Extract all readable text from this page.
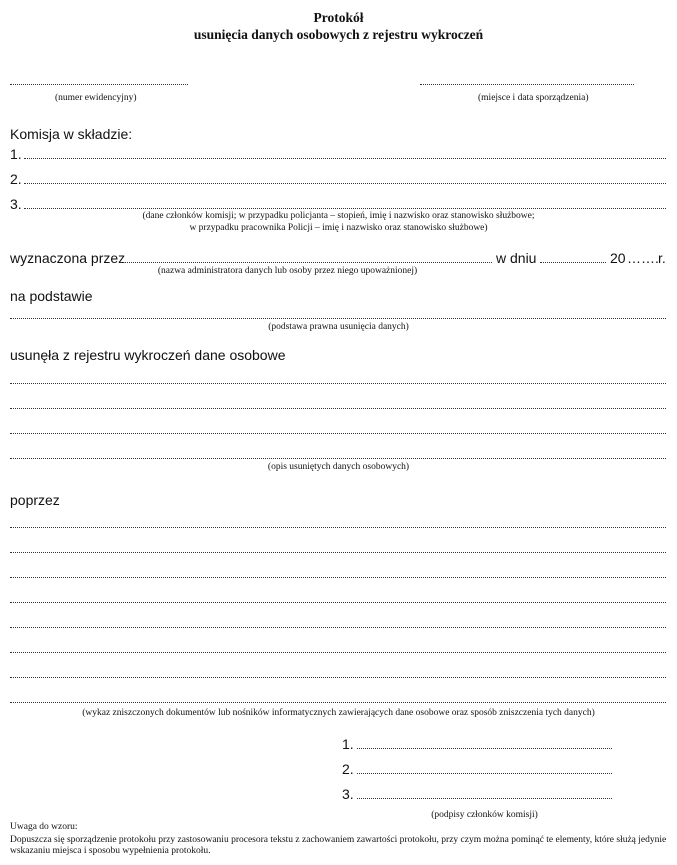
Protokół
usunięcia danych osobowych z rejestru wykroczeń
(numer ewidencyjny)	(miejsce i data sporządzenia)
Komisja w składzie:
1.
2.
3.
(dane członków komisji; w przypadku policjanta – stopień, imię i nazwisko oraz stanowisko służbowe;
w przypadku pracownika Policji – imię i nazwisko oraz stanowisko służbowe)
wyznaczona przez	w dniu	20 ……. r.
(nazwa administratora danych lub osoby przez niego upoważnionej)
na podstawie
(podstawa prawna usunięcia danych)
usunęła z rejestru wykroczeń dane osobowe
(opis usuniętych danych osobowych)
poprzez
(wykaz zniszczonych dokumentów lub nośników informatycznych zawierających dane osobowe oraz sposób zniszczenia tych danych)
1.
2.
3.
(podpisy członków komisji)
Uwaga do wzoru:
Dopuszcza się sporządzenie protokołu przy zastosowaniu procesora tekstu z zachowaniem zawartości protokołu, przy czym można pominąć te elementy, które służą jedynie wskazaniu miejsca i sposobu wypełnienia protokołu.
